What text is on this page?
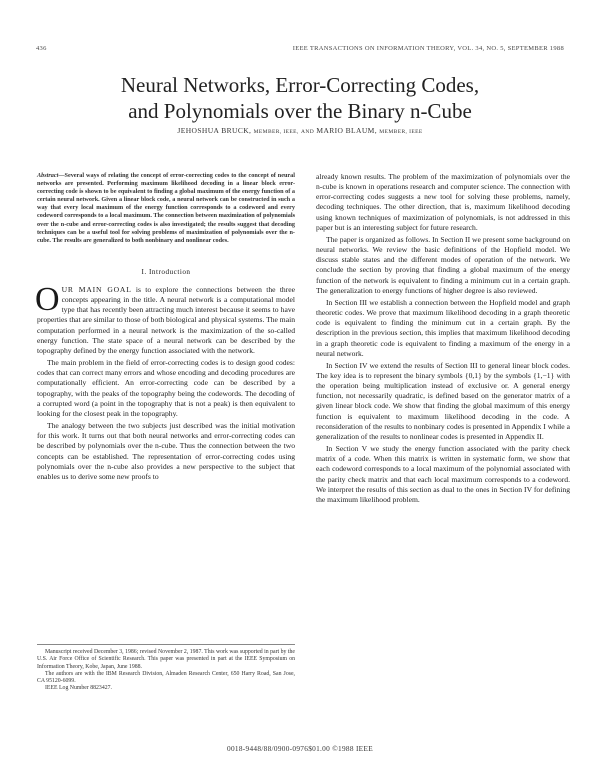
436	IEEE TRANSACTIONS ON INFORMATION THEORY, VOL. 34, NO. 5, SEPTEMBER 1988
Neural Networks, Error-Correcting Codes,
and Polynomials over the Binary n-Cube
JEHOSHUA BRUCK, MEMBER, IEEE, AND MARIO BLAUM, MEMBER, IEEE
Abstract—Several ways of relating the concept of error-correcting codes to the concept of neural networks are presented. Performing maximum likelihood decoding in a linear block error-correcting code is shown to be equivalent to finding a global maximum of the energy function of a certain neural network. Given a linear block code, a neural network can be constructed in such a way that every local maximum of the energy function corresponds to a codeword and every codeword corresponds to a local maximum. The connection between maximization of polynomials over the n-cube and error-correcting codes is also investigated; the results suggest that decoding techniques can be a useful tool for solving problems of maximization of polynomials over the n-cube. The results are generalized to both nonbinary and nonlinear codes.
I. Introduction
OUR MAIN GOAL is to explore the connections between the three concepts appearing in the title. A neural network is a computational model type that has recently been attracting much interest because it seems to have properties that are similar to those of both biological and physical systems. The main computation performed in a neural network is the maximization of the so-called energy function. The state space of a neural network can be described by the topography defined by the energy function associated with the network.
The main problem in the field of error-correcting codes is to design good codes: codes that can correct many errors and whose encoding and decoding procedures are computationally efficient. An error-correcting code can be described by a topography, with the peaks of the topography being the codewords. The decoding of a corrupted word (a point in the topography that is not a peak) is then equivalent to looking for the closest peak in the topography.
The analogy between the two subjects just described was the initial motivation for this work. It turns out that both neural networks and error-correcting codes can be described by polynomials over the n-cube. Thus the connection between the two concepts can be established. The representation of error-correcting codes using polynomials over the n-cube also provides a new perspective to the subject that enables us to derive some new proofs to

Manuscript received December 3, 1986; revised November 2, 1987. This work was supported in part by the U.S. Air Force Office of Scientific Research. This paper was presented in part at the IEEE Symposium on Information Theory, Kobe, Japan, June 1988.

The authors are with the IBM Research Division, Almaden Research Center, 650 Harry Road, San Jose, CA 95120-6099.

IEEE Log Number 8823427.

already known results. The problem of the maximization of polynomials over the n-cube is known in operations research and computer science. The connection with error-correcting codes suggests a new tool for solving these problems, namely, decoding techniques. The other direction, that is, maximum likelihood decoding using known techniques of maximization of polynomials, is not addressed in this paper but is an interesting subject for future research.
The paper is organized as follows. In Section II we present some background on neural networks. We review the basic definitions of the Hopfield model. We discuss stable states and the different modes of operation of the network. We conclude the section by proving that finding a global maximum of the energy function of the network is equivalent to finding a minimum cut in a certain graph. The generalization to energy functions of higher degree is also reviewed.
In Section III we establish a connection between the Hopfield model and graph theoretic codes. We prove that maximum likelihood decoding in a graph theoretic code is equivalent to finding the minimum cut in a certain graph. By the description in the previous section, this implies that maximum likelihood decoding in a graph theoretic code is equivalent to finding a maximum of the energy in a neural network.
In Section IV we extend the results of Section III to general linear block codes. The key idea is to represent the binary symbols {0,1} by the symbols {1,−1} with the operation being multiplication instead of exclusive or. A general energy function, not necessarily quadratic, is defined based on the generator matrix of a given linear block code. We show that finding the global maximum of this energy function is equivalent to maximum likelihood decoding in the code. A reconsideration of the results to nonbinary codes is presented in Appendix I while a generalization of the results to nonlinear codes is presented in Appendix II.
In Section V we study the energy function associated with the parity check matrix of a code. When this matrix is written in systematic form, we show that each codeword corresponds to a local maximum of the polynomial associated with the parity check matrix and that each local maximum corresponds to a codeword. We interpret the results of this section as dual to the ones in Section IV for defining the maximum likelihood problem.
0018-9448/88/0900-0976$01.00 ©1988 IEEE
